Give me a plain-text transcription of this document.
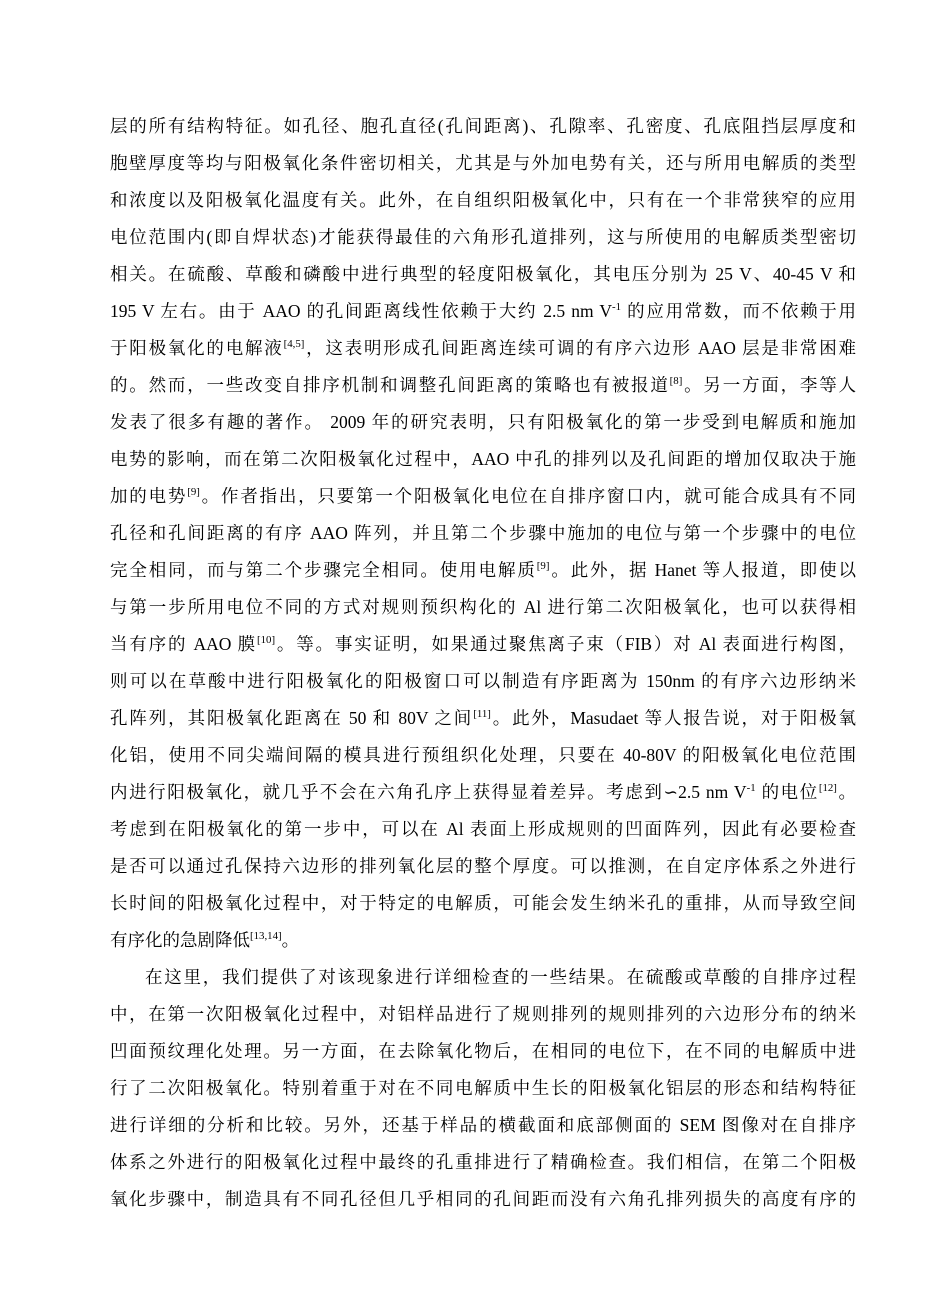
层的所有结构特征。如孔径、胞孔直径(孔间距离)、孔隙率、孔密度、孔底阻挡层厚度和
胞壁厚度等均与阳极氧化条件密切相关，尤其是与外加电势有关，还与所用电解质的类型
和浓度以及阳极氧化温度有关。此外，在自组织阳极氧化中，只有在一个非常狭窄的应用
电位范围内(即自焊状态)才能获得最佳的六角形孔道排列，这与所使用的电解质类型密切
相关。在硫酸、草酸和磷酸中进行典型的轻度阳极氧化，其电压分别为 25 V、40-45 V 和
195 V 左右。由于 AAO 的孔间距离线性依赖于大约 2.5 nm $V^{-1}$ 的应用常数，而不依赖于用
于阳极氧化的电解液[4,5]，这表明形成孔间距离连续可调的有序六边形 AAO 层是非常困难
的。然而，一些改变自排序机制和调整孔间距离的策略也有被报道[8]。另一方面，李等人
发表了很多有趣的著作。 2009 年的研究表明，只有阳极氧化的第一步受到电解质和施加
电势的影响，而在第二次阳极氧化过程中，AAO 中孔的排列以及孔间距的增加仅取决于施
加的电势[9]。作者指出，只要第一个阳极氧化电位在自排序窗口内，就可能合成具有不同
孔径和孔间距离的有序 AAO 阵列，并且第二个步骤中施加的电位与第一个步骤中的电位
完全相同，而与第二个步骤完全相同。使用电解质[9]。此外，据 Hanet 等人报道，即使以
与第一步所用电位不同的方式对规则预织构化的 Al 进行第二次阳极氧化，也可以获得相
当有序的 AAO 膜[10]。等。事实证明，如果通过聚焦离子束（FIB）对 Al 表面进行构图，
则可以在草酸中进行阳极氧化的阳极窗口可以制造有序距离为 150nm 的有序六边形纳米
孔阵列，其阳极氧化距离在 50 和 80V 之间[11]。此外，Masudaet 等人报告说，对于阳极氧
化铝，使用不同尖端间隔的模具进行预组织化处理，只要在 40-80V 的阳极氧化电位范围
内进行阳极氧化，就几乎不会在六角孔序上获得显着差异。考虑到∽2.5 nm $V^{-1}$ 的电位[12]。
考虑到在阳极氧化的第一步中，可以在 Al 表面上形成规则的凹面阵列，因此有必要检查
是否可以通过孔保持六边形的排列氧化层的整个厚度。可以推测，在自定序体系之外进行
长时间的阳极氧化过程中，对于特定的电解质，可能会发生纳米孔的重排，从而导致空间
有序化的急剧降低[13,14]。
在这里，我们提供了对该现象进行详细检查的一些结果。在硫酸或草酸的自排序过程
中，在第一次阳极氧化过程中，对铝样品进行了规则排列的规则排列的六边形分布的纳米
凹面预纹理化处理。另一方面，在去除氧化物后，在相同的电位下，在不同的电解质中进
行了二次阳极氧化。特别着重于对在不同电解质中生长的阳极氧化铝层的形态和结构特征
进行详细的分析和比较。另外，还基于样品的横截面和底部侧面的 SEM 图像对在自排序
体系之外进行的阳极氧化过程中最终的孔重排进行了精确检查。我们相信，在第二个阳极
氧化步骤中，制造具有不同孔径但几乎相同的孔间距而没有六角孔排列损失的高度有序的
